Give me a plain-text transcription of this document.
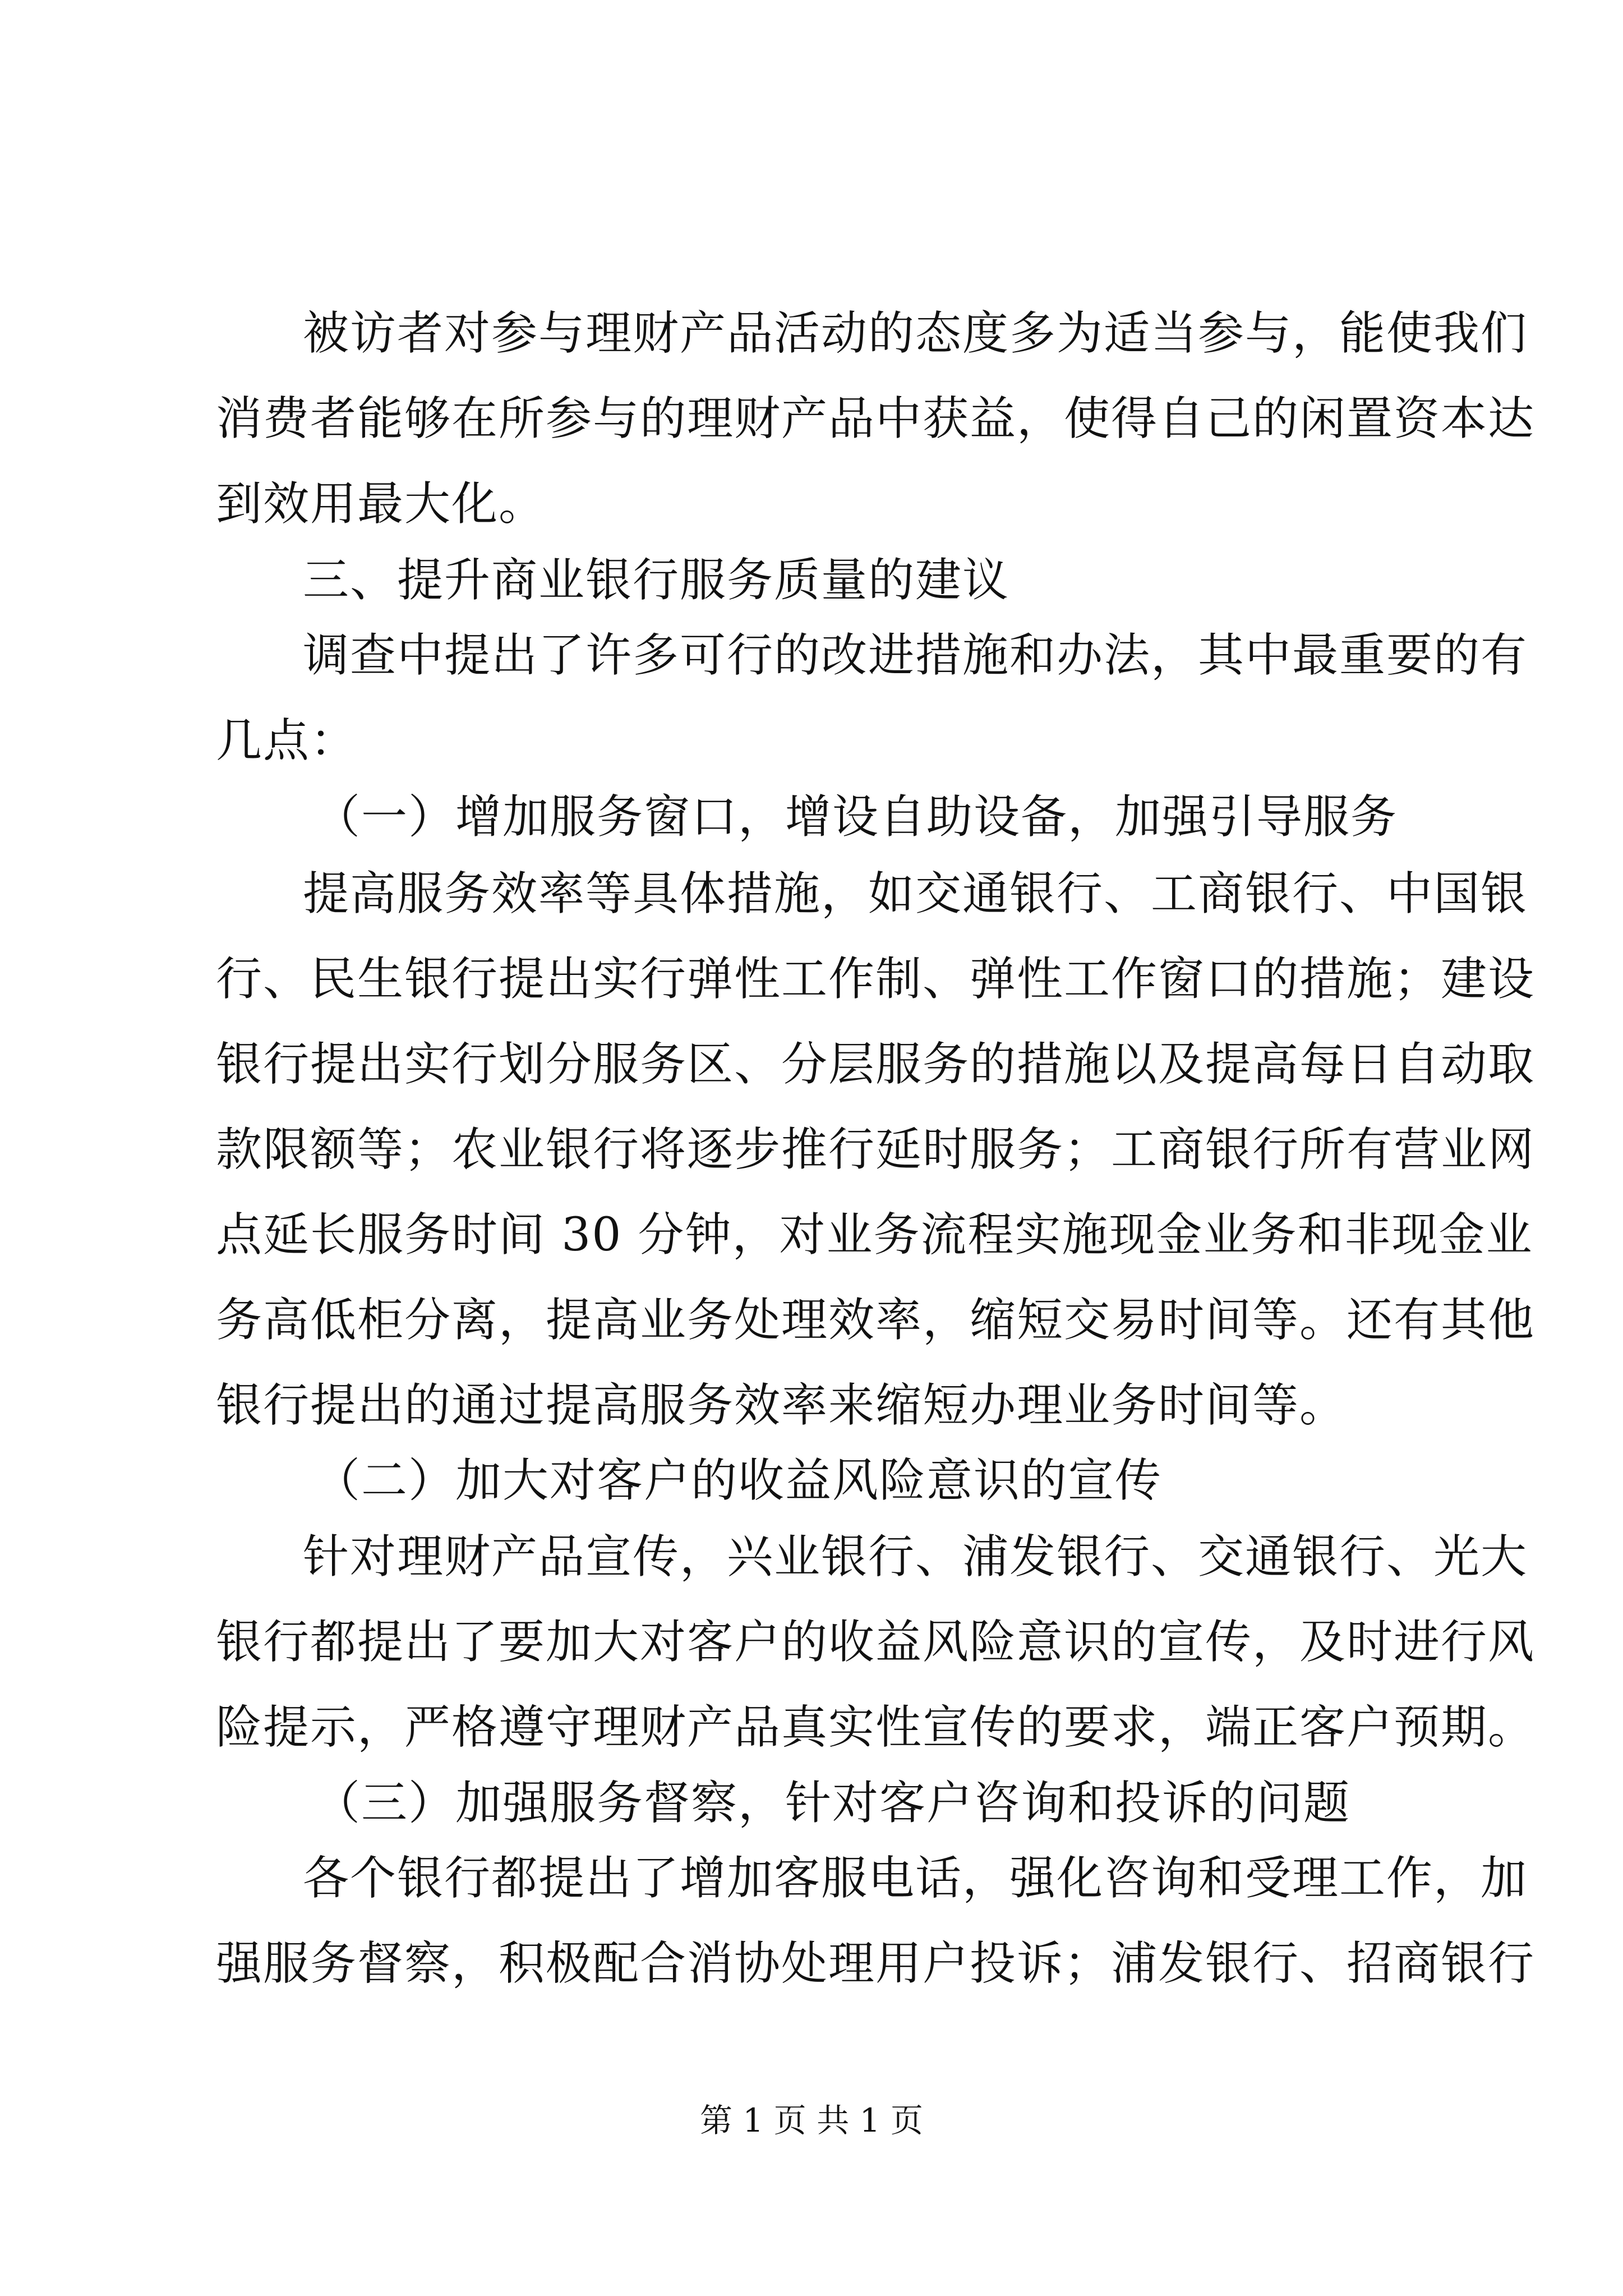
被访者对参与理财产品活动的态度多为适当参与，能使我们
消费者能够在所参与的理财产品中获益，使得自己的闲置资本达
到效用最大化。
三、提升商业银行服务质量的建议
调查中提出了许多可行的改进措施和办法，其中最重要的有
几点：
（一）增加服务窗口，增设自助设备，加强引导服务
提高服务效率等具体措施，如交通银行、工商银行、中国银
行、民生银行提出实行弹性工作制、弹性工作窗口的措施；建设
银行提出实行划分服务区、分层服务的措施以及提高每日自动取
款限额等；农业银行将逐步推行延时服务；工商银行所有营业网
点延长服务时间 30 分钟，对业务流程实施现金业务和非现金业
务高低柜分离，提高业务处理效率，缩短交易时间等。还有其他
银行提出的通过提高服务效率来缩短办理业务时间等。
（二）加大对客户的收益风险意识的宣传
针对理财产品宣传，兴业银行、浦发银行、交通银行、光大
银行都提出了要加大对客户的收益风险意识的宣传，及时进行风
险提示，严格遵守理财产品真实性宣传的要求，端正客户预期。
（三）加强服务督察，针对客户咨询和投诉的问题
各个银行都提出了增加客服电话，强化咨询和受理工作，加
强服务督察，积极配合消协处理用户投诉；浦发银行、招商银行
第 1 页 共 1 页
